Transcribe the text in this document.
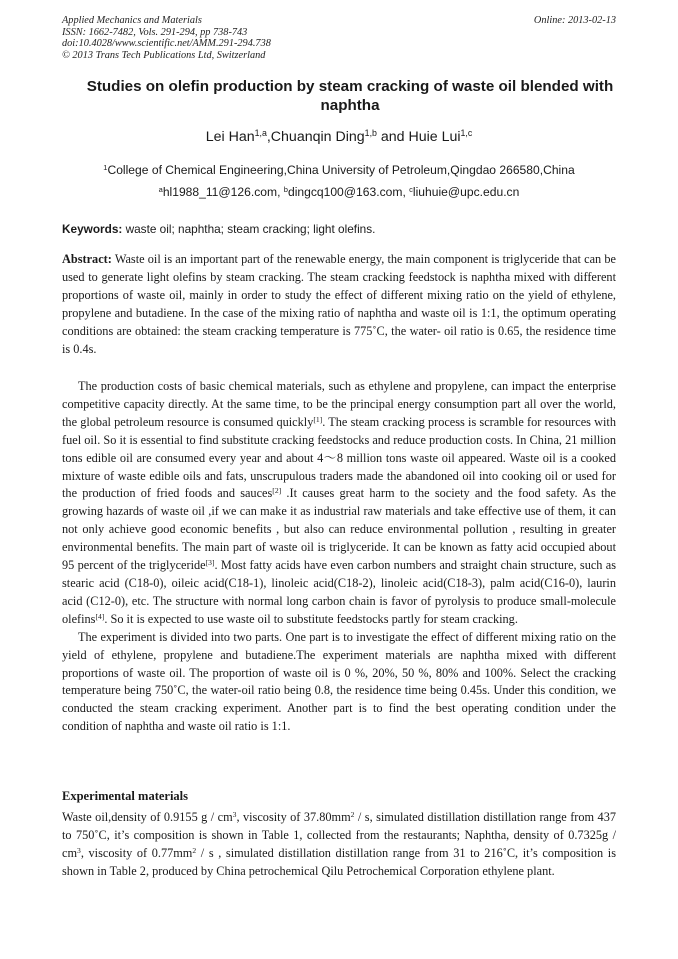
Applied Mechanics and Materials
ISSN: 1662-7482, Vols. 291-294, pp 738-743
doi:10.4028/www.scientific.net/AMM.291-294.738
© 2013 Trans Tech Publications Ltd, Switzerland
Online: 2013-02-13
Studies on olefin production by steam cracking of waste oil blended with naphtha
Lei Han$^{1,a}$,Chuanqin Ding$^{1,b}$ and Huie Lui$^{1,c}$
$^1$College of Chemical Engineering,China University of Petroleum,Qingdao 266580,China
$^a$hl1988_11@126.com, $^b$dingcq100@163.com, $^c$liuhuie@upc.edu.cn
Keywords: waste oil; naphtha; steam cracking; light olefins.
Abstract: Waste oil is an important part of the renewable energy, the main component is triglyceride that can be used to generate light olefins by steam cracking. The steam cracking feedstock is naphtha mixed with different proportions of waste oil, mainly in order to study the effect of different mixing ratio on the yield of ethylene, propylene and butadiene. In the case of the mixing ratio of naphtha and waste oil is 1:1, the optimum operating conditions are obtained: the steam cracking temperature is 775˚C, the water- oil ratio is 0.65, the residence time is 0.4s.

The production costs of basic chemical materials, such as ethylene and propylene, can impact the enterprise competitive capacity directly. At the same time, to be the principal energy consumption part all over the world, the global petroleum resource is consumed quickly[1]. The steam cracking process is scramble for resources with fuel oil. So it is essential to find substitute cracking feedstocks and reduce production costs. In China, 21 million tons edible oil are consumed every year and about 4～8 million tons waste oil appeared. Waste oil is a cooked mixture of waste edible oils and fats, unscrupulous traders made the abandoned oil into cooking oil or used for the production of fried foods and sauces[2] .It causes great harm to the society and the food safety. As the growing hazards of waste oil ,if we can make it as industrial raw materials and take effective use of them, it can not only achieve good economic benefits , but also can reduce environmental pollution , resulting in greater environmental benefits. The main part of waste oil is triglyceride. It can be known as fatty acid occupied about 95 percent of the triglyceride[3]. Most fatty acids have even carbon numbers and straight chain structure, such as stearic acid (C18-0), oileic acid(C18-1), linoleic acid(C18-2), linoleic acid(C18-3), palm acid(C16-0), laurin acid (C12-0), etc. The structure with normal long carbon chain is favor of pyrolysis to produce small-molecule olefins[4]. So it is expected to use waste oil to substitute feedstocks partly for steam cracking.

The experiment is divided into two parts. One part is to investigate the effect of different mixing ratio on the yield of ethylene, propylene and butadiene.The experiment materials are naphtha mixed with different proportions of waste oil. The proportion of waste oil is 0 %, 20%, 50 %, 80% and 100%. Select the cracking temperature being 750˚C, the water-oil ratio being 0.8, the residence time being 0.45s. Under this condition, we conducted the steam cracking experiment. Another part is to find the best operating condition under the condition of naphtha and waste oil ratio is 1:1.

Experimental materials
Waste oil,density of 0.9155 g / $cm^3$, viscosity of $37.80mm^2$ / s, simulated distillation distillation range from 437 to 750˚C, it’s composition is shown in Table 1, collected from the restaurants; Naphtha, density of $0.7325g / cm^3$, viscosity of $0.77mm^2$ / s , simulated distillation distillation range from 31 to 216˚C, it’s composition is shown in Table 2, produced by China petrochemical Qilu Petrochemical Corporation ethylene plant.
